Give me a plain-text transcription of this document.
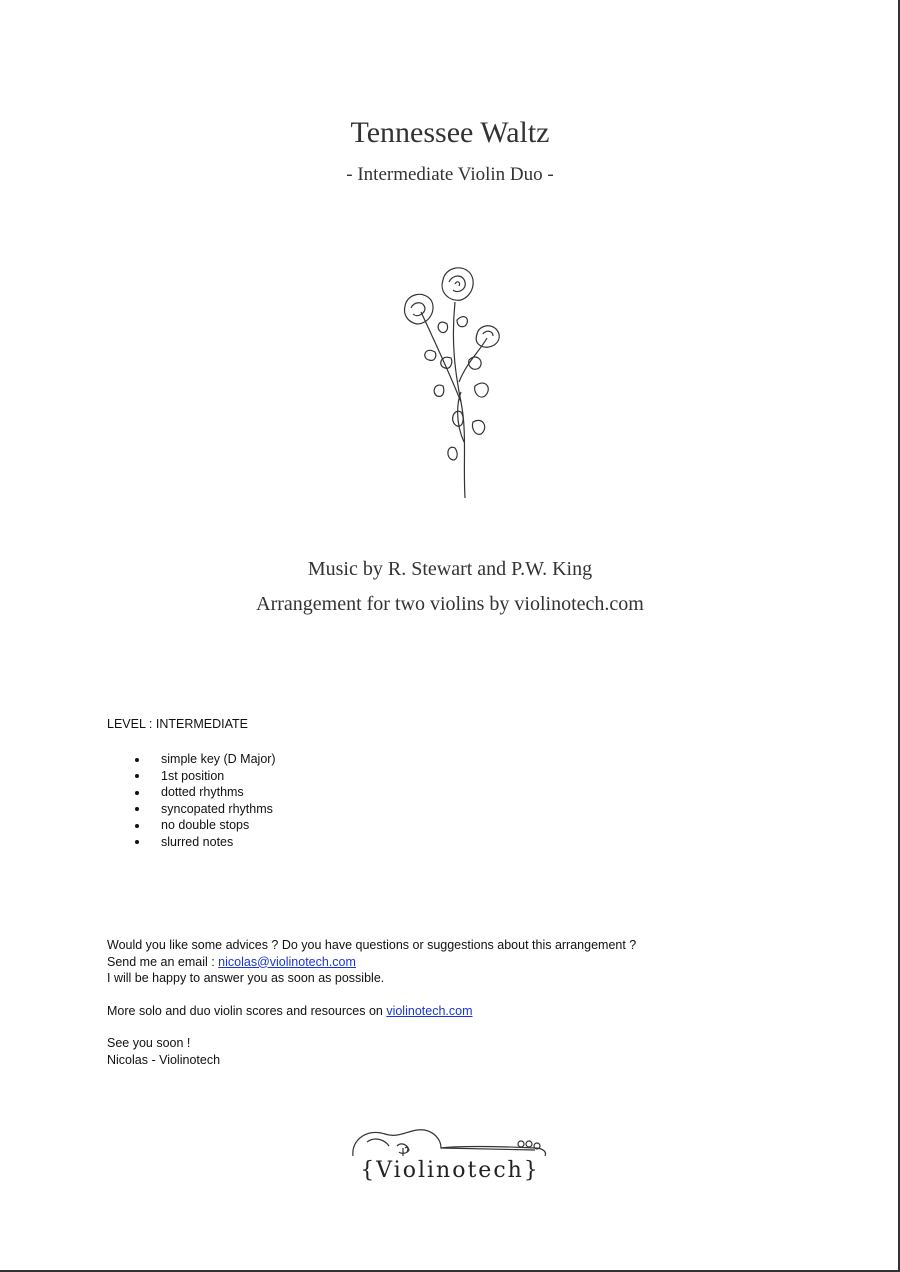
Tennessee Waltz
- Intermediate Violin Duo -
Music by R. Stewart and P.W. King
Arrangement for two violins by violinotech.com
LEVEL : INTERMEDIATE
simple key (D Major)
1st position
dotted rhythms
syncopated rhythms
no double stops
slurred notes
Would you like some advices ? Do you have questions or suggestions about this arrangement ?
Send me an email : nicolas@violinotech.com
I will be happy to answer you as soon as possible.
More solo and duo violin scores and resources on violinotech.com
See you soon !
Nicolas - Violinotech
{Violinotech}
